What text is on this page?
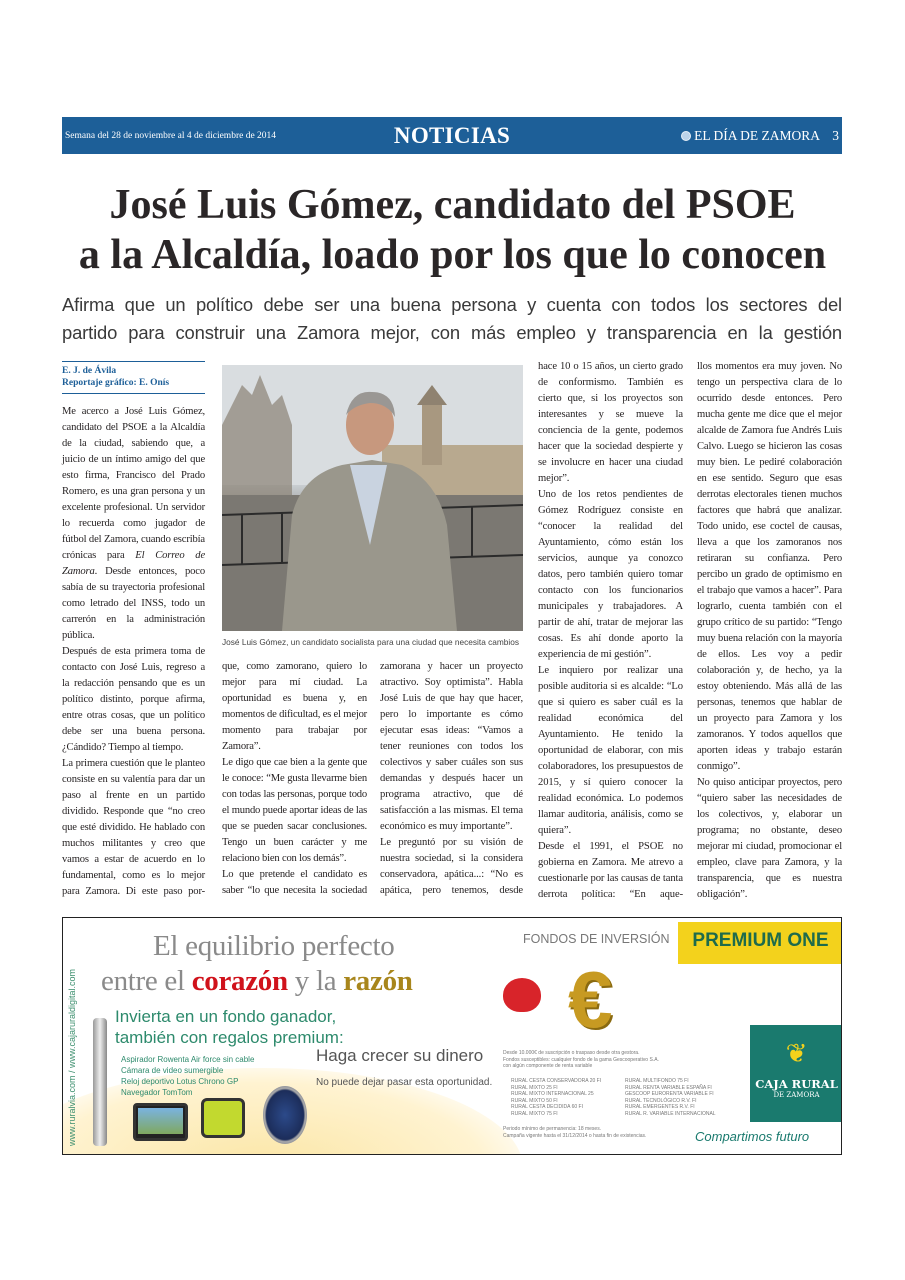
Semana del 28 de noviembre al 4 de diciembre de 2014	NOTICIAS	EL DÍA DE ZAMORA 3
José Luis Gómez, candidato del PSOE
a la Alcaldía, loado por los que lo conocen
Afirma que un político debe ser una buena persona y cuenta con todos los sectores del
partido para construir una Zamora mejor, con más empleo y transparencia en la gestión
E. J. de Ávila
Reportaje gráfico: E. Onís

Me acerco a José Luis Gómez, candidato del PSOE a la Alcaldía de la ciudad, sabiendo que, a juicio de un íntimo amigo del que esto firma, Francisco del Prado Romero, es una gran persona y un excelente profesional. Un servidor lo recuerda como jugador de fútbol del Zamora, cuando escribía crónicas para El Correo de Zamora. Desde entonces, poco sabía de su trayectoria profesional como letrado del INSS, todo un carrerón en la administración pública.

Después de esta primera toma de contacto con José Luis, regreso a la redacción pensando que es un político distinto, porque afirma, entre otras cosas, que un político debe ser una buena persona. ¿Cándido? Tiempo al tiempo.

La primera cuestión que le planteo consiste en su valentía para dar un paso al frente en un partido dividido. Responde que “no creo que esté dividido. He hablado con muchos militantes y creo que vamos a estar de acuerdo en lo fundamental, como es lo mejor para Zamora. Di este paso por-

José Luis Gómez, un candidato socialista para una ciudad que necesita cambios

que, como zamorano, quiero lo mejor para mí ciudad. La oportunidad es buena y, en momentos de dificultad, es el mejor momento para trabajar por Zamora”.

Le digo que cae bien a la gente que le conoce: “Me gusta llevarme bien con todas las personas, porque todo el mundo puede aportar ideas de las que se pueden sacar conclusiones. Tengo un buen carácter y me relaciono bien con los demás”.

Lo que pretende el candidato es saber “lo que necesita la sociedad

zamorana y hacer un proyecto atractivo. Soy optimista”. Habla José Luis de que hay que hacer, pero lo importante es cómo ejecutar esas ideas: “Vamos a tener reuniones con todos los colectivos y saber cuáles son sus demandas y después hacer un programa atractivo, que dé satisfacción a las mismas. El tema económico es muy importante”.

Le preguntó por su visión de nuestra sociedad, si la considera conservadora, apática...: “No es apática, pero tenemos, desde

hace 10 o 15 años, un cierto grado de conformismo. También es cierto que, si los proyectos son interesantes y se mueve la conciencia de la gente, podemos hacer que la sociedad despierte y se involucre en hacer una ciudad mejor”.

Uno de los retos pendientes de Gómez Rodríguez consiste en “conocer la realidad del Ayuntamiento, cómo están los servicios, aunque ya conozco datos, pero también quiero tomar contacto con los funcionarios municipales y trabajadores. A partir de ahí, tratar de mejorar las cosas. Es ahí donde aporto la experiencia de mi gestión”.

Le inquiero por realizar una posible auditoria si es alcalde: “Lo que si quiero es saber cuál es la realidad económica del Ayuntamiento. He tenido la oportunidad de elaborar, con mis colaboradores, los presupuestos de 2015, y sí quiero conocer la realidad económica. Lo podemos llamar auditoria, análisis, como se quiera”.

Desde el 1991, el PSOE no gobierna en Zamora. Me atrevo a cuestionarle por las causas de tanta derrota política: “En aque-

llos momentos era muy joven. No tengo un perspectiva clara de lo ocurrido desde entonces. Pero mucha gente me dice que el mejor alcalde de Zamora fue Andrés Luis Calvo. Luego se hicieron las cosas muy bien. Le pediré colaboración en ese sentido. Seguro que esas derrotas electorales tienen muchos factores que habrá que analizar. Todo unido, ese coctel de causas, lleva a que los zamoranos nos retiraran su confianza. Pero percibo un grado de optimismo en el trabajo que vamos a hacer”. Para lograrlo, cuenta también con el grupo crítico de su partido: “Tengo muy buena relación con la mayoría de ellos. Les voy a pedir colaboración y, de hecho, ya la estoy obteniendo. Más allá de las personas, tenemos que hablar de un proyecto para Zamora y los zamoranos. Y todos aquellos que aporten ideas y trabajo estarán conmigo”.

No quiso anticipar proyectos, pero “quiero saber las necesidades de los colectivos, y, elaborar un programa; no obstante, deseo mejorar mi ciudad, promocionar el empleo, clave para Zamora, y la transparencia, que es nuestra obligación”.

www.ruralvia.com / www.cajaruraldigital.com
El equilibrio perfecto
entre el corazón y la razón
Invierta en un fondo ganador,
también con regalos premium:
Aspirador Rowenta Air force sin cable
Cámara de video sumergible
Reloj deportivo Lotus Chrono GP
Navegador TomTom
Haga crecer su dinero
No puede dejar pasar esta oportunidad.
FONDOS DE INVERSIÓN	PREMIUM ONE
€
Desde 10.000€ de suscripción o traspaso desde otra gestora.
Fondos susceptibles: cualquier fondo de la gama Gescooperativo S.A.
con algún componente de renta variable
RURAL CESTA CONSERVADORA 20 FI
RURAL MIXTO 25 FI
RURAL MIXTO INTERNACIONAL 25
RURAL MIXTO 50 FI
RURAL CESTA DECIDIDA 60 FI
RURAL MIXTO 75 FI
RURAL MULTIFONDO 75 FI
RURAL RENTA VARIABLE ESPAÑA FI
GESCOOP EURORENTA VARIABLE FI
RURAL TECNOLÓGICO R.V. FI
RURAL EMERGENTES R.V. FI
RURAL R. VARIABLE INTERNACIONAL
Periodo mínimo de permanencia: 18 meses.
Campaña vigente hasta el 31/12/2014 o hasta fin de existencias.
❦
CAJA RURAL
DE ZAMORA
Compartimos futuro
